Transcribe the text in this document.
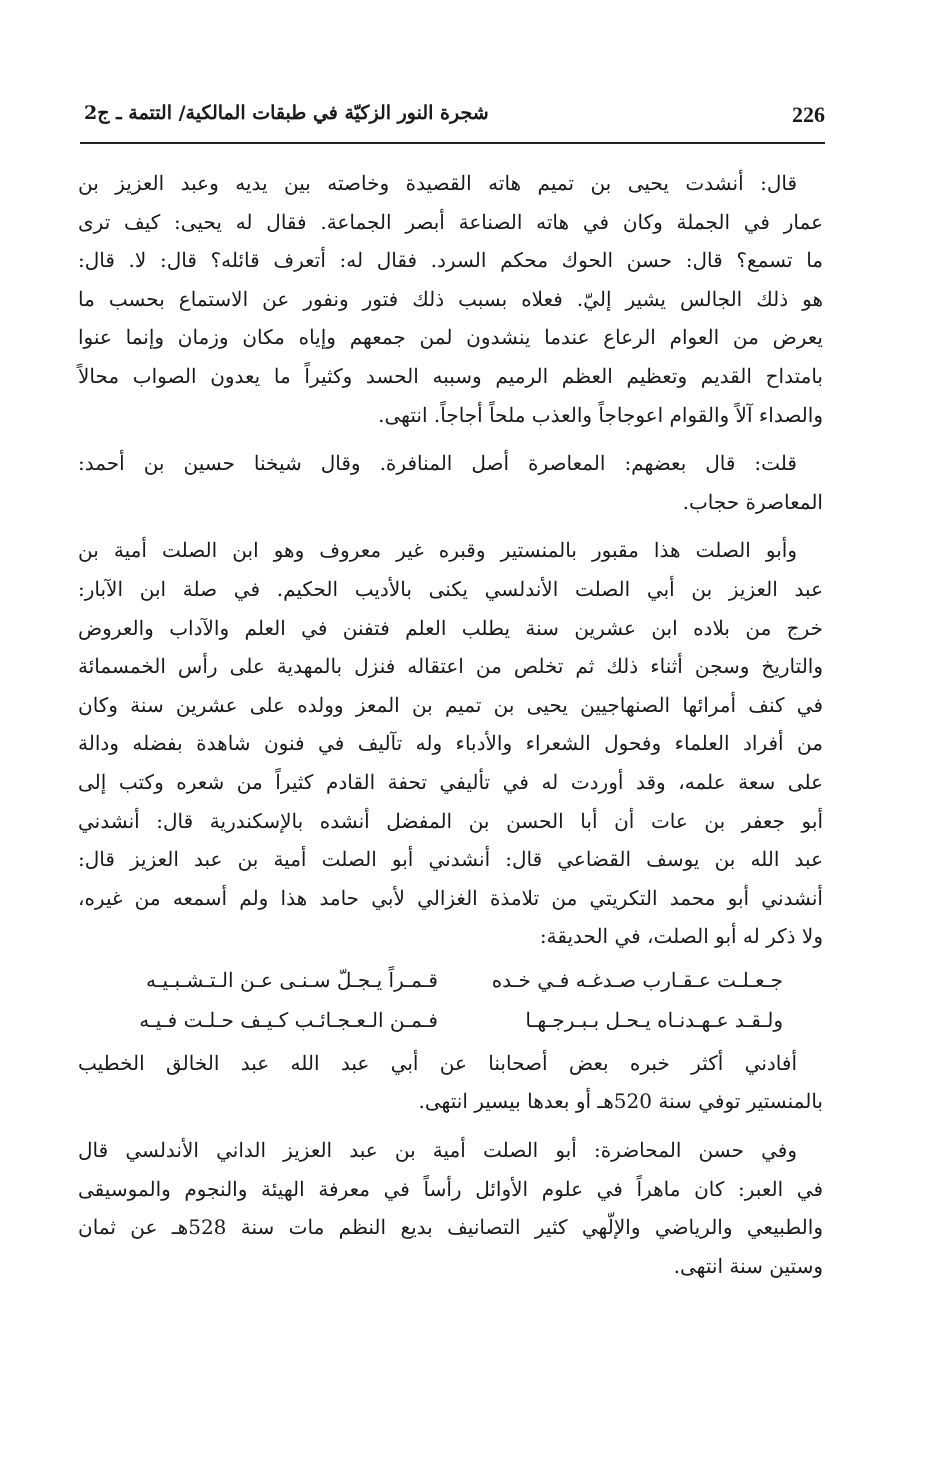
226
شجرة النور الزكيّة في طبقات المالكية/ التتمة ـ ج2

قال: أنشدت يحيى بن تميم هاته القصيدة وخاصته بين يديه وعبد العزيز بن
عمار في الجملة وكان في هاته الصناعة أبصر الجماعة. فقال له يحيى: كيف ترى
ما تسمع؟ قال: حسن الحوك محكم السرد. فقال له: أتعرف قائله؟ قال: لا. قال:
هو ذلك الجالس يشير إليّ. فعلاه بسبب ذلك فتور ونفور عن الاستماع بحسب ما
يعرض من العوام الرعاع عندما ينشدون لمن جمعهم وإياه مكان وزمان وإنما عنوا
بامتداح القديم وتعظيم العظم الرميم وسببه الحسد وكثيراً ما يعدون الصواب محالاً
والصداء آلاً والقوام اعوجاجاً والعذب ملحاً أجاجاً. انتهى.

قلت: قال بعضهم: المعاصرة أصل المنافرة. وقال شيخنا حسين بن أحمد:
المعاصرة حجاب.

وأبو الصلت هذا مقبور بالمنستير وقبره غير معروف وهو ابن الصلت أمية بن
عبد العزيز بن أبي الصلت الأندلسي يكنى بالأديب الحكيم. في صلة ابن الآبار:
خرج من بلاده ابن عشرين سنة يطلب العلم فتفنن في العلم والآداب والعروض
والتاريخ وسجن أثناء ذلك ثم تخلص من اعتقاله فنزل بالمهدية على رأس الخمسمائة
في كنف أمرائها الصنهاجيين يحيى بن تميم بن المعز وولده على عشرين سنة وكان
من أفراد العلماء وفحول الشعراء والأدباء وله تآليف في فنون شاهدة بفضله ودالة
على سعة علمه، وقد أوردت له في تأليفي تحفة القادم كثيراً من شعره وكتب إلى
أبو جعفر بن عات أن أبا الحسن بن المفضل أنشده بالإسكندرية قال: أنشدني
عبد الله بن يوسف القضاعي قال: أنشدني أبو الصلت أمية بن عبد العزيز قال:
أنشدني أبو محمد التكريتي من تلامذة الغزالي لأبي حامد هذا ولم أسمعه من غيره،
ولا ذكر له أبو الصلت، في الحديقة:

جـعـلـت عـقـارب صـدغـه فـي خـده
قـمـراً يـجـلّ سـنـى عـن الـتـشـبـيـه
ولـقـد عـهـدنـاه يـحـل بـبـرجـهـا
فـمـن الـعـجـائـب كـيـف حـلـت فـيـه

أفادني أكثر خبره بعض أصحابنا عن أبي عبد الله عبد الخالق الخطيب
بالمنستير توفي سنة 520هـ أو بعدها بيسير انتهى.

وفي حسن المحاضرة: أبو الصلت أمية بن عبد العزيز الداني الأندلسي قال
في العبر: كان ماهراً في علوم الأوائل رأساً في معرفة الهيئة والنجوم والموسيقى
والطبيعي والرياضي والإلّهي كثير التصانيف بديع النظم مات سنة 528هـ عن ثمان
وستين سنة انتهى.
